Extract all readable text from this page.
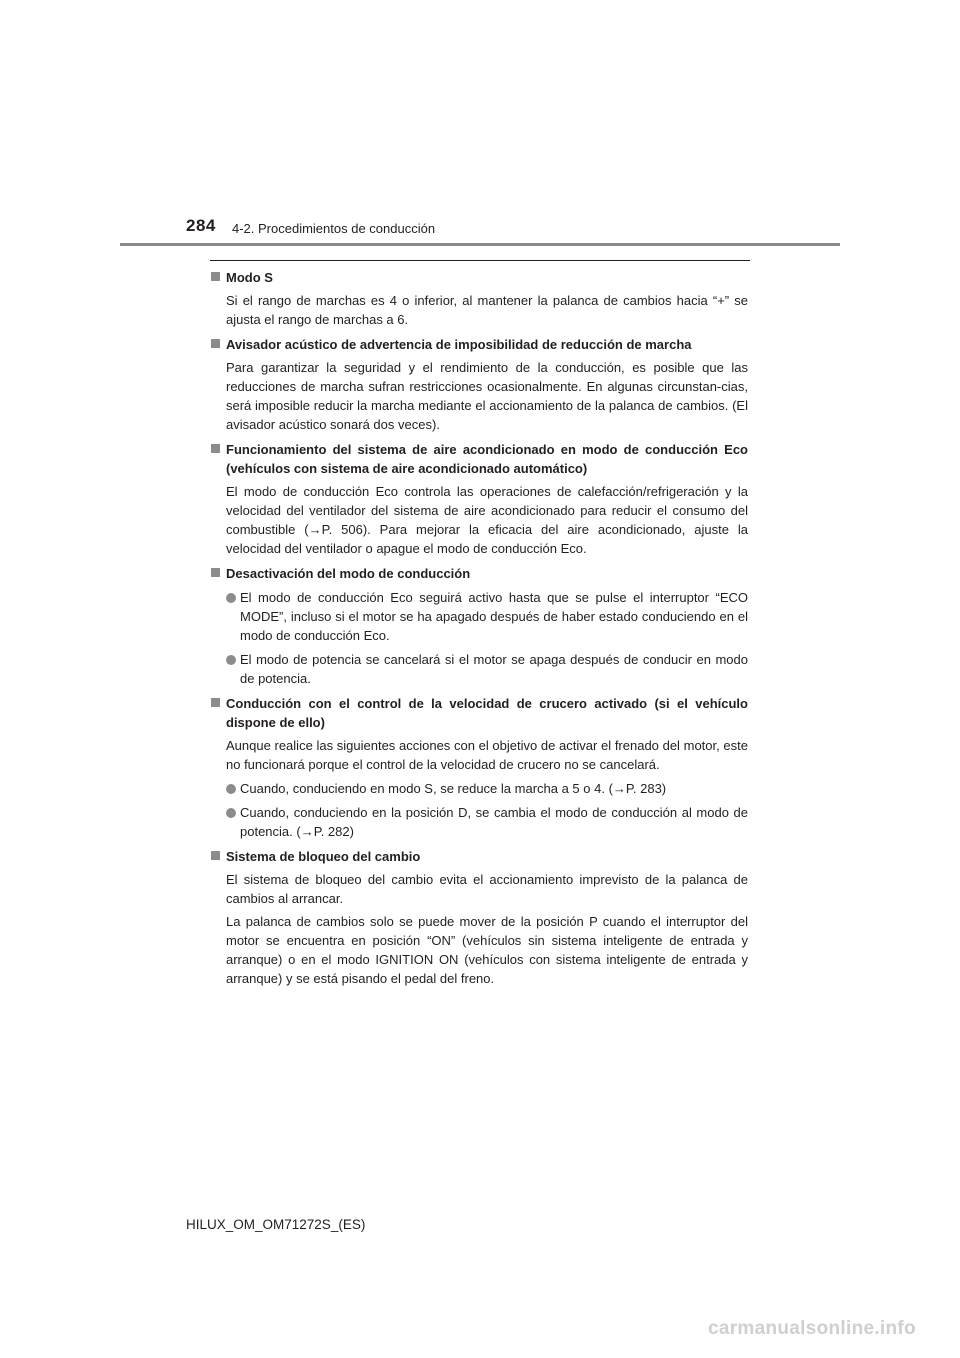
284 4-2. Procedimientos de conducción

Modo S

Si el rango de marchas es 4 o inferior, al mantener la palanca de cambios hacia “+” se ajusta el rango de marchas a 6.

Avisador acústico de advertencia de imposibilidad de reducción de marcha

Para garantizar la seguridad y el rendimiento de la conducción, es posible que las reducciones de marcha sufran restricciones ocasionalmente. En algunas circunstan-cias, será imposible reducir la marcha mediante el accionamiento de la palanca de cambios. (El avisador acústico sonará dos veces).

Funcionamiento del sistema de aire acondicionado en modo de conducción Eco (vehículos con sistema de aire acondicionado automático)

El modo de conducción Eco controla las operaciones de calefacción/refrigeración y la velocidad del ventilador del sistema de aire acondicionado para reducir el consumo del combustible (→P. 506). Para mejorar la eficacia del aire acondicionado, ajuste la velocidad del ventilador o apague el modo de conducción Eco.

Desactivación del modo de conducción

El modo de conducción Eco seguirá activo hasta que se pulse el interruptor “ECO MODE”, incluso si el motor se ha apagado después de haber estado conduciendo en el modo de conducción Eco.

El modo de potencia se cancelará si el motor se apaga después de conducir en modo de potencia.

Conducción con el control de la velocidad de crucero activado (si el vehículo dispone de ello)

Aunque realice las siguientes acciones con el objetivo de activar el frenado del motor, este no funcionará porque el control de la velocidad de crucero no se cancelará.

Cuando, conduciendo en modo S, se reduce la marcha a 5 o 4. (→P. 283)

Cuando, conduciendo en la posición D, se cambia el modo de conducción al modo de potencia. (→P. 282)

Sistema de bloqueo del cambio

El sistema de bloqueo del cambio evita el accionamiento imprevisto de la palanca de cambios al arrancar.

La palanca de cambios solo se puede mover de la posición P cuando el interruptor del motor se encuentra en posición “ON” (vehículos sin sistema inteligente de entrada y arranque) o en el modo IGNITION ON (vehículos con sistema inteligente de entrada y arranque) y se está pisando el pedal del freno.

HILUX_OM_OM71272S_(ES)
carmanualsonline.info
